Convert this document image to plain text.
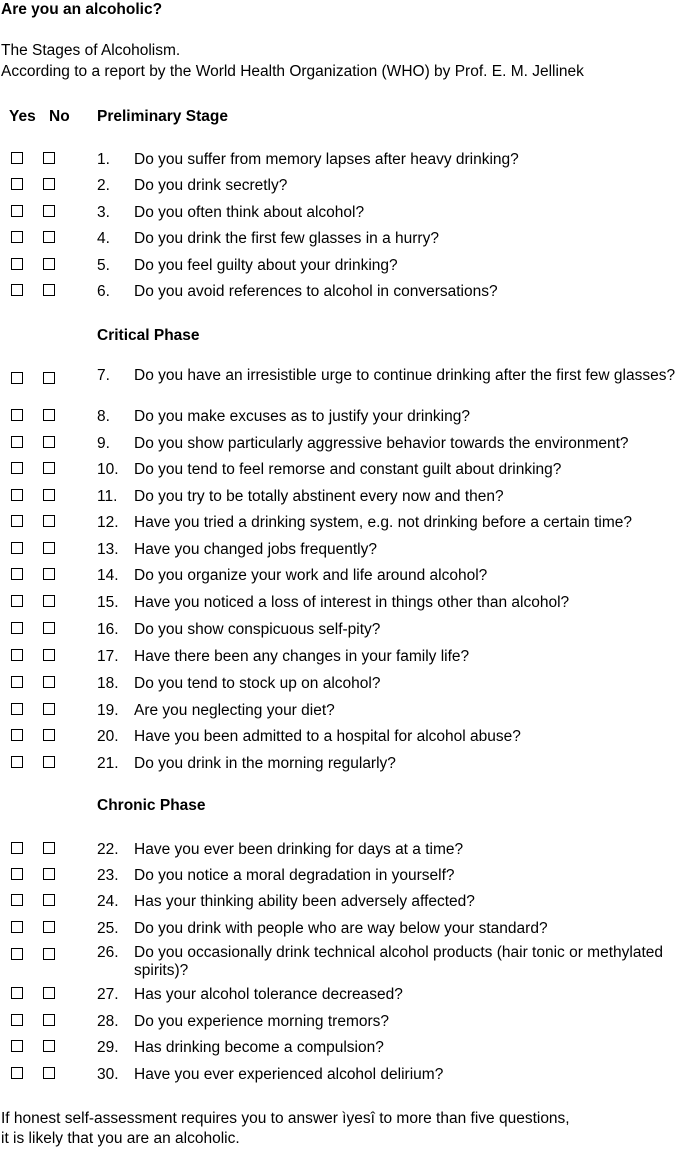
Are you an alcoholic?
The Stages of Alcoholism.
According to a report by the World Health Organization (WHO) by Prof. E. M. Jellinek
Yes No Preliminary Stage
1. Do you suffer from memory lapses after heavy drinking?
2. Do you drink secretly?
3. Do you often think about alcohol?
4. Do you drink the first few glasses in a hurry?
5. Do you feel guilty about your drinking?
6. Do you avoid references to alcohol in conversations?
Critical Phase
7. Do you have an irresistible urge to continue drinking after the first few glasses?
8. Do you make excuses as to justify your drinking?
9. Do you show particularly aggressive behavior towards the environment?
10. Do you tend to feel remorse and constant guilt about drinking?
11. Do you try to be totally abstinent every now and then?
12. Have you tried a drinking system, e.g. not drinking before a certain time?
13. Have you changed jobs frequently?
14. Do you organize your work and life around alcohol?
15. Have you noticed a loss of interest in things other than alcohol?
16. Do you show conspicuous self-pity?
17. Have there been any changes in your family life?
18. Do you tend to stock up on alcohol?
19. Are you neglecting your diet?
20. Have you been admitted to a hospital for alcohol abuse?
21. Do you drink in the morning regularly?
Chronic Phase
22. Have you ever been drinking for days at a time?
23. Do you notice a moral degradation in yourself?
24. Has your thinking ability been adversely affected?
25. Do you drink with people who are way below your standard?
26. Do you occasionally drink technical alcohol products (hair tonic or methylated spirits)?
27. Has your alcohol tolerance decreased?
28. Do you experience morning tremors?
29. Has drinking become a compulsion?
30. Have you ever experienced alcohol delirium?
If honest self-assessment requires you to answer ìyesî to more than five questions,
it is likely that you are an alcoholic.
